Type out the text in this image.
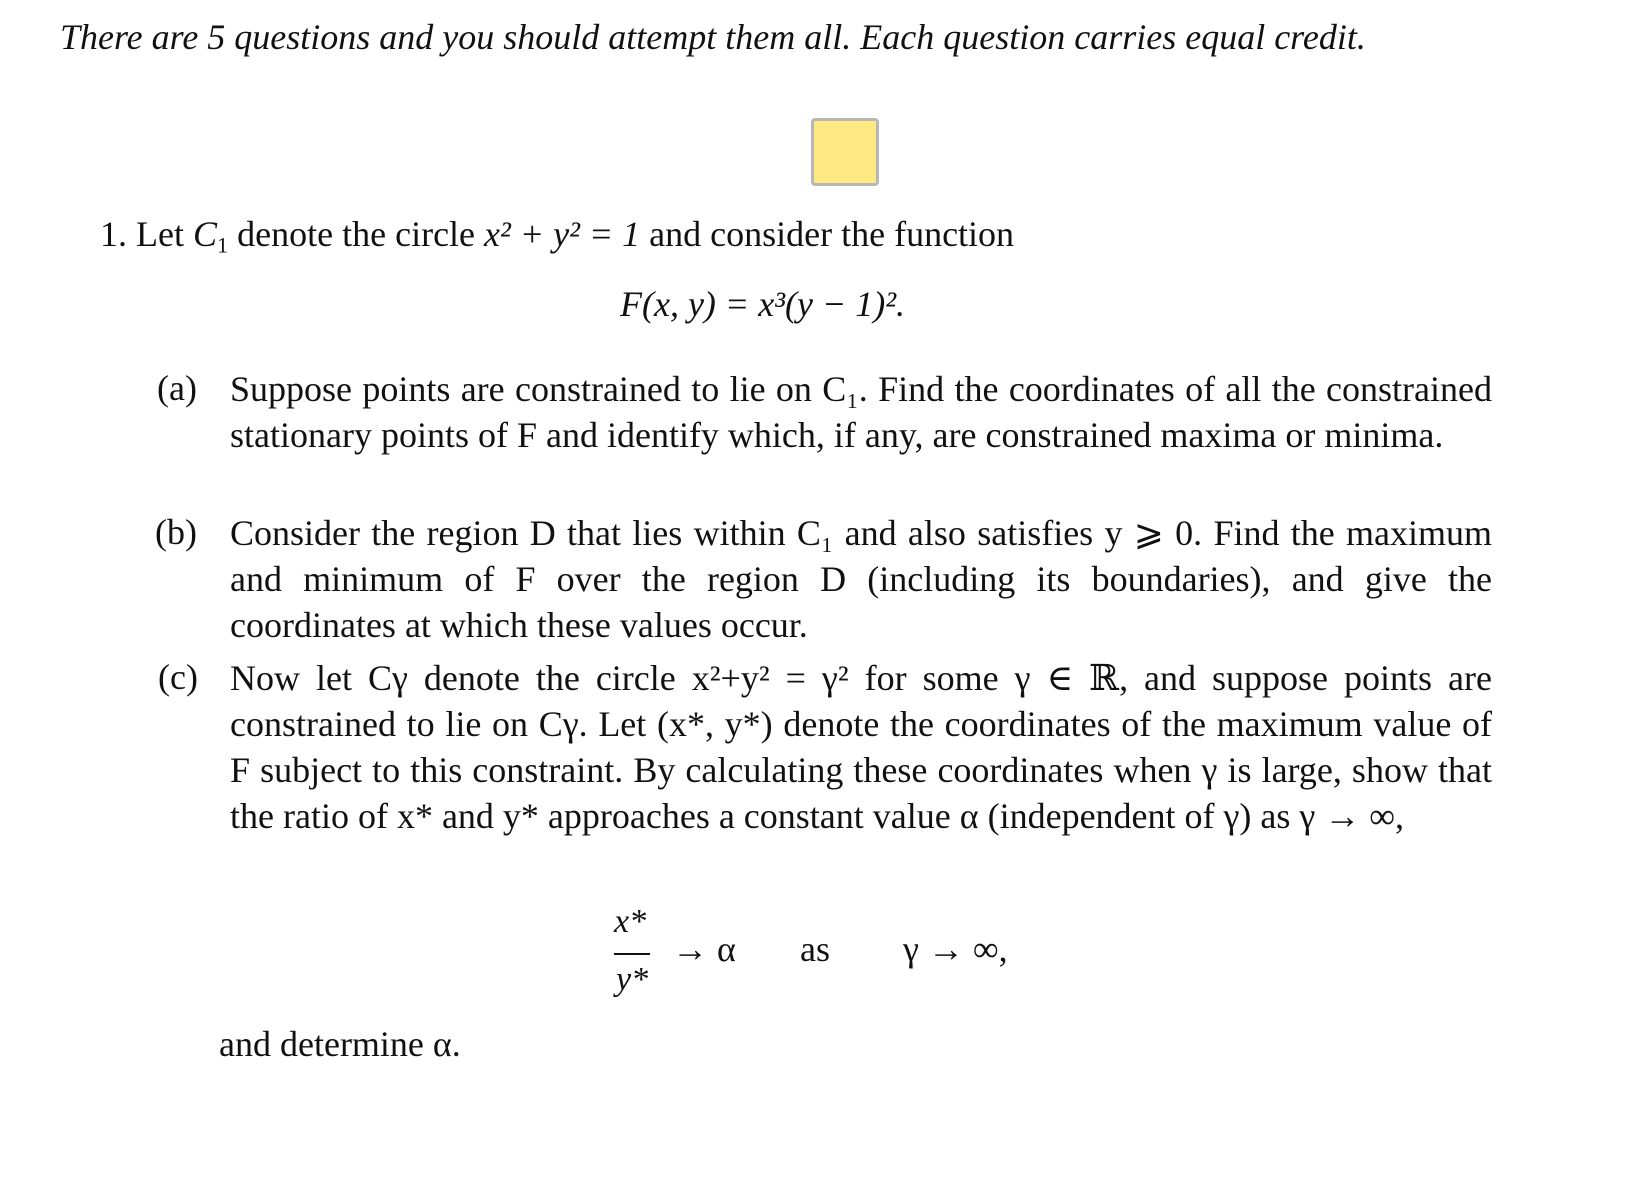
There are 5 questions and you should attempt them all. Each question carries equal credit.
1. Let $C_1$ denote the circle x² + y² = 1 and consider the function
F(x, y) = x³(y − 1)².
(a) Suppose points are constrained to lie on C₁. Find the coordinates of all the constrained stationary points of F and identify which, if any, are constrained maxima or minima.
(b) Consider the region D that lies within C₁ and also satisfies y ⩾ 0. Find the maximum and minimum of F over the region D (including its boundaries), and give the coordinates at which these values occur.
(c) Now let Cγ denote the circle x²+y² = γ² for some γ ∈ ℝ, and suppose points are constrained to lie on Cγ. Let (x*, y*) denote the coordinates of the maximum value of F subject to this constraint. By calculating these coordinates when γ is large, show that the ratio of x* and y* approaches a constant value α (independent of γ) as γ → ∞,
x*
y*
→ α as γ → ∞,
and determine α.
